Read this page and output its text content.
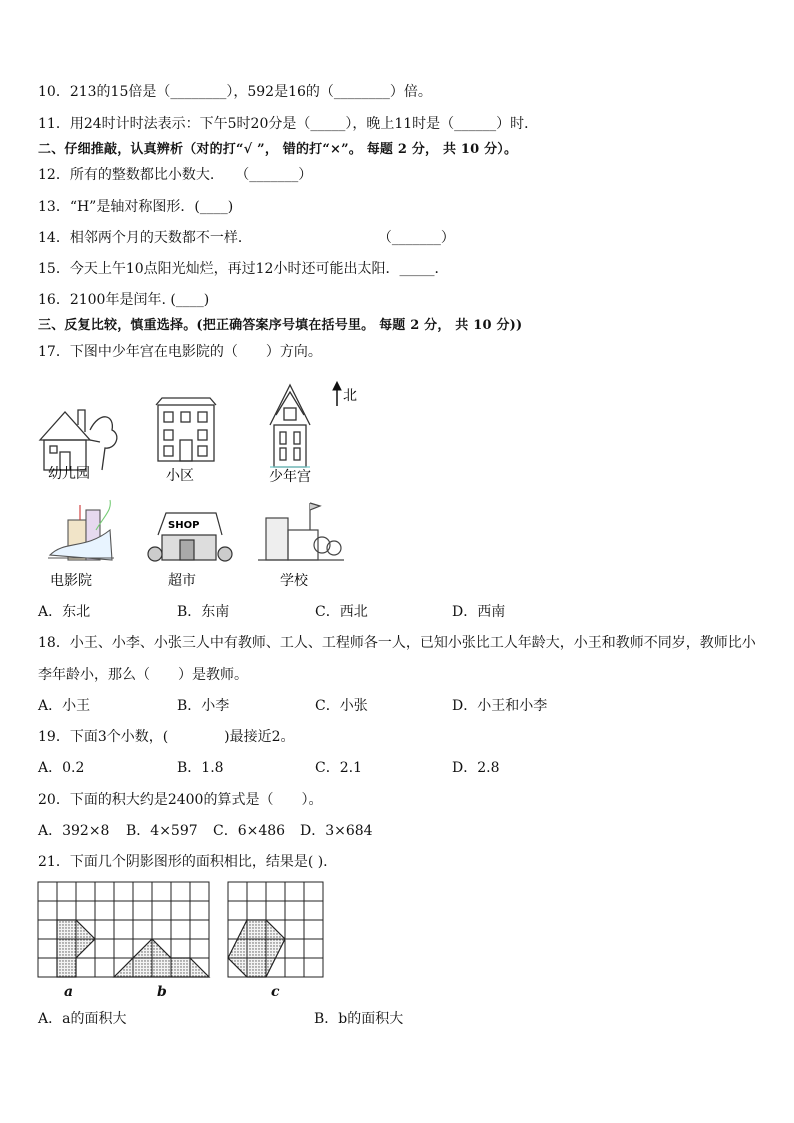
10．213的15倍是（________），592是16的（________）倍。
11．用24时计时法表示：下午5时20分是（_____），晚上11时是（______）时．
二、仔细推敲，认真辨析（对的打“√ ”， 错的打“×”。 每题 2 分， 共 10 分）。
12．所有的整数都比小数大.　　（_______）
13．“H”是轴对称图形．(____)
14．相邻两个月的天数都不一样．　　　　　　　　　　（_______）
15．今天上午10点阳光灿烂，再过12小时还可能出太阳．_____．
16．2100年是闰年. (____)
三、反复比较，慎重选择。(把正确答案序号填在括号里。 每题 2 分， 共 10 分))
17．下图中少年宫在电影院的（　　）方向。
幼儿园	小区	少年宫
北
电影院
SHOP
超市	学校
A．东北	B．东南	C．西北	D．西南
18．小王、小李、小张三人中有教师、工人、工程师各一人，已知小张比工人年龄大，小王和教师不同岁，教师比小
李年龄小，那么（　　）是教师。
A．小王	B．小李	C．小张	D．小王和小李
19．下面3个小数，(　　　　)最接近2。
A．0.2	B．1.8	C．2.1	D．2.8
20．下面的积大约是2400的算式是（　　）。
A．392×8 B．4×597 C．6×486 D．3×684
21．下面几个阴影图形的面积相比，结果是( ).
a	b	c
A．a的面积大	B．b的面积大
